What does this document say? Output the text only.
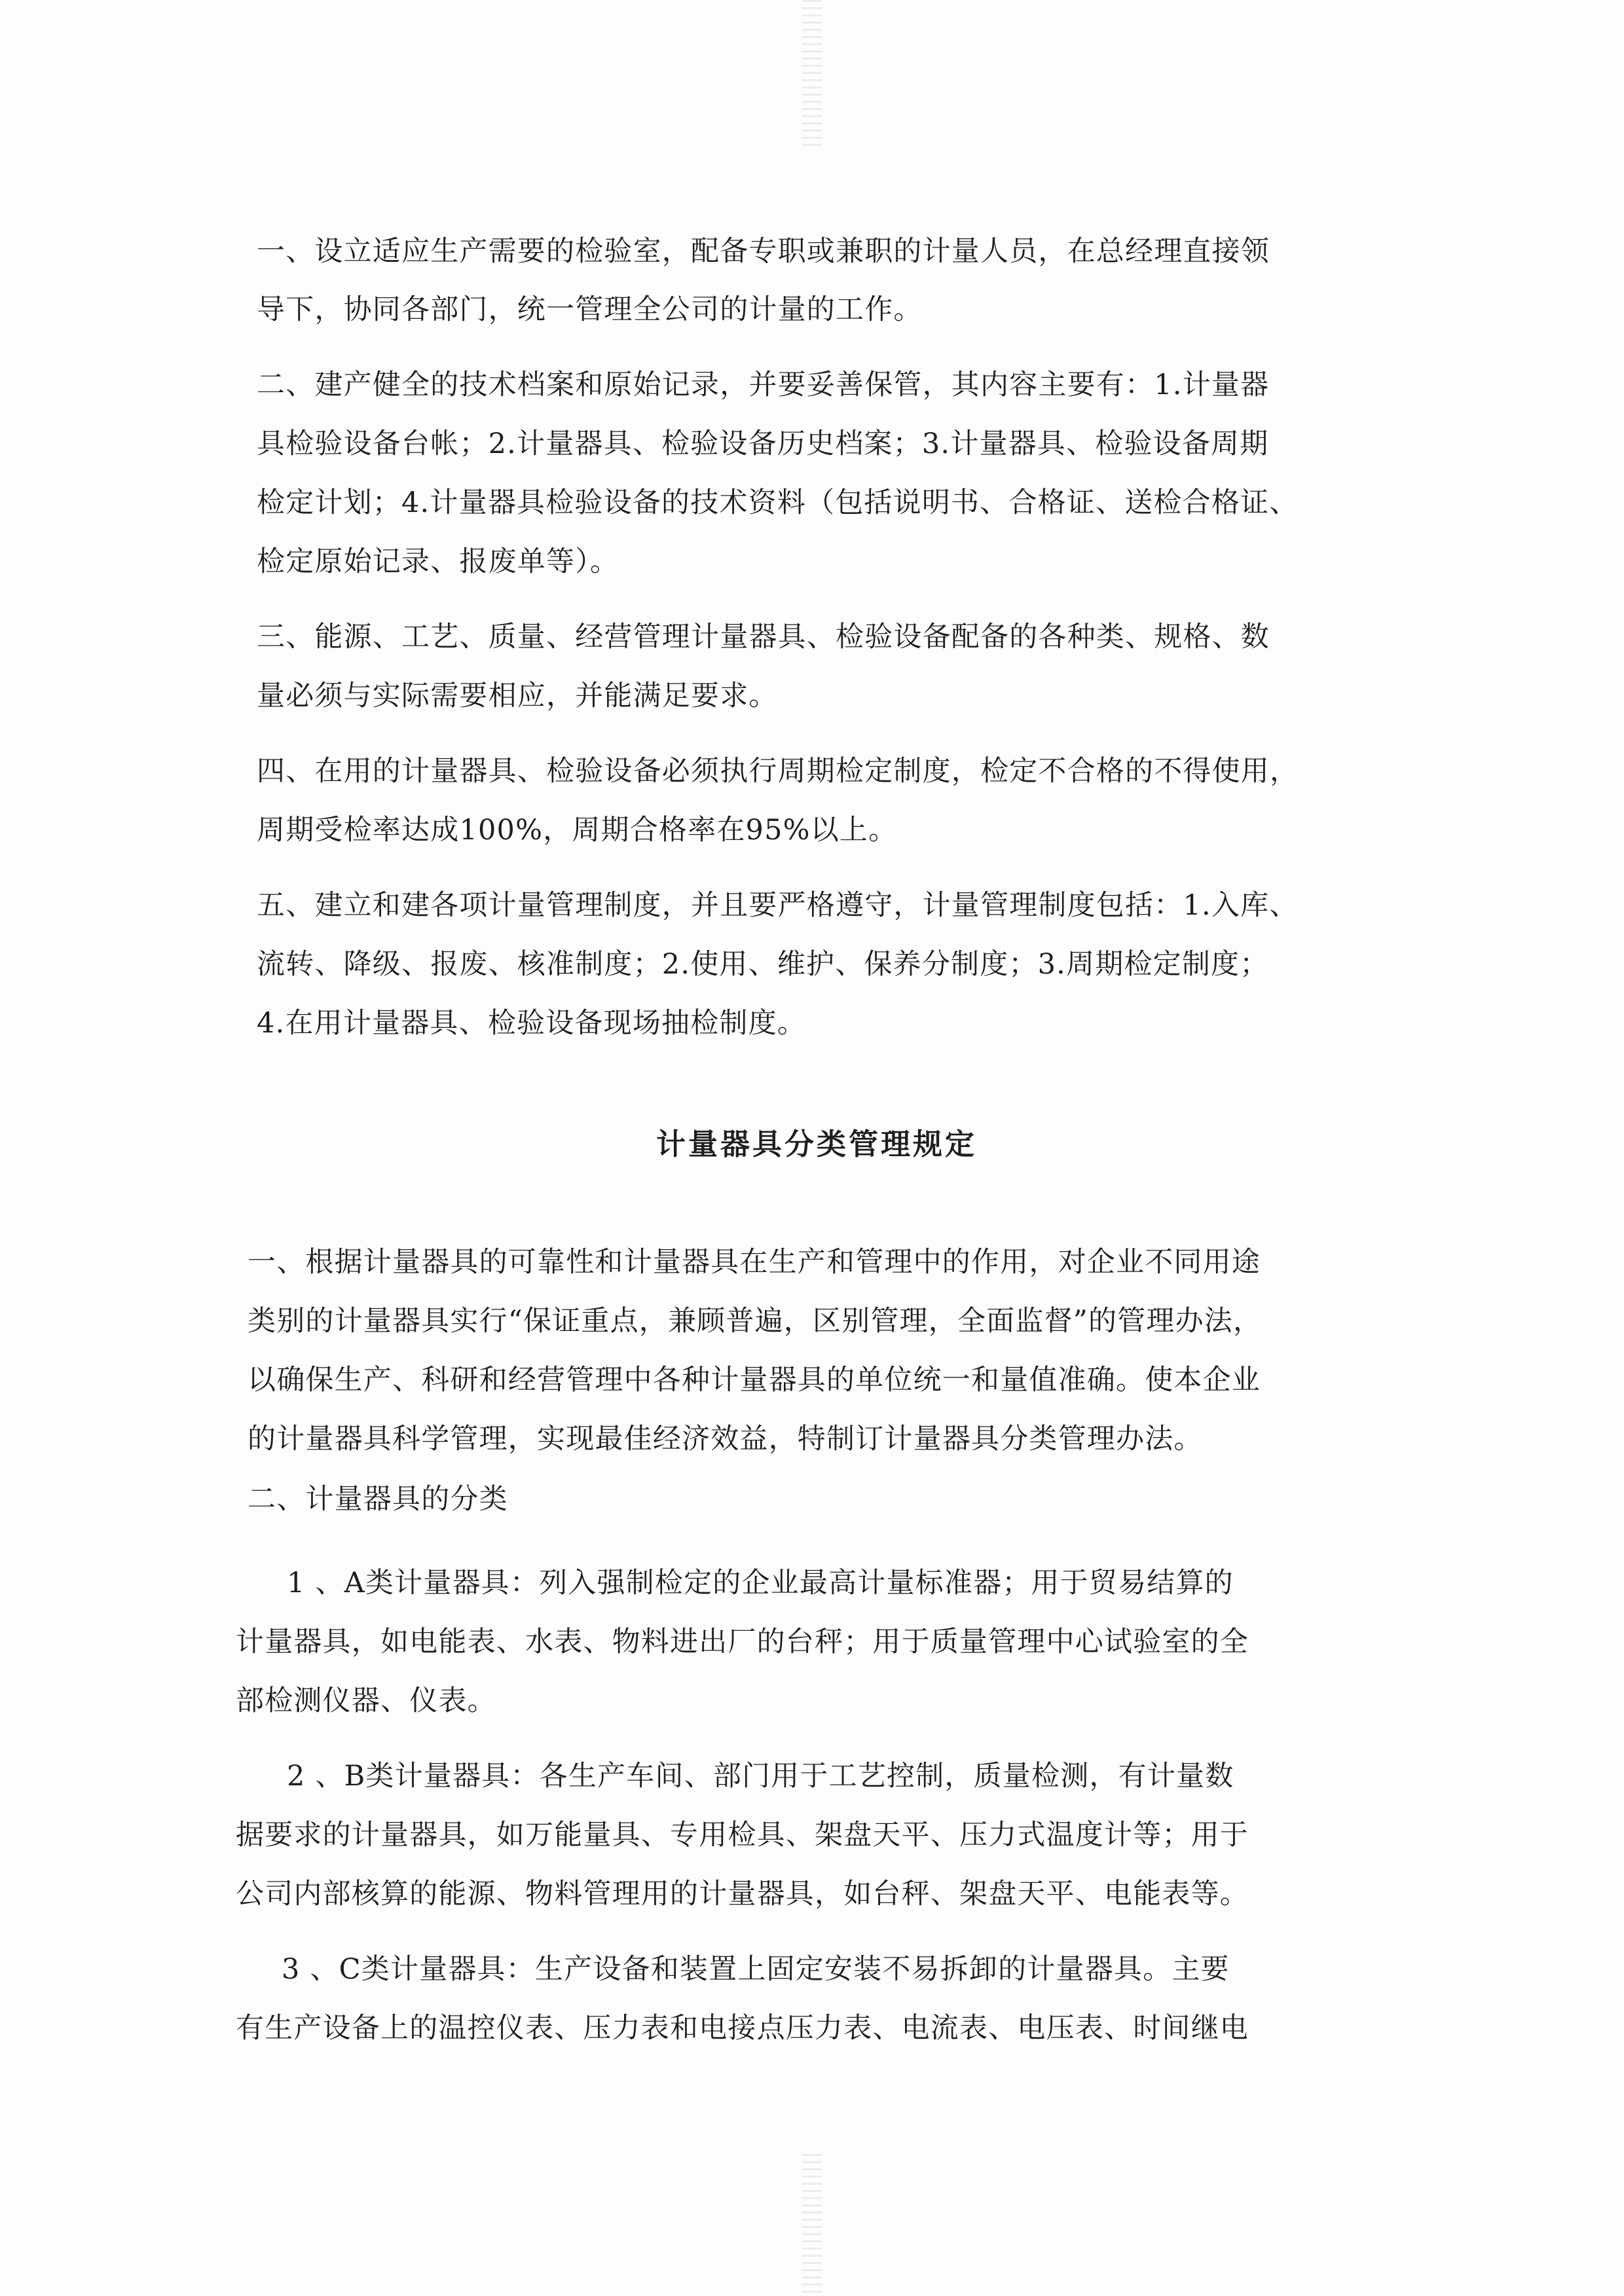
一、设立适应生产需要的检验室，配备专职或兼职的计量人员，在总经理直接领
导下，协同各部门，统一管理全公司的计量的工作。
二、建产健全的技术档案和原始记录，并要妥善保管，其内容主要有：1.计量器
具检验设备台帐；2.计量器具、检验设备历史档案；3.计量器具、检验设备周期
检定计划；4.计量器具检验设备的技术资料（包括说明书、合格证、送检合格证、
检定原始记录、报废单等）。
三、能源、工艺、质量、经营管理计量器具、检验设备配备的各种类、规格、数
量必须与实际需要相应，并能满足要求。
四、在用的计量器具、检验设备必须执行周期检定制度，检定不合格的不得使用，
周期受检率达成100%，周期合格率在95%以上。
五、建立和建各项计量管理制度，并且要严格遵守，计量管理制度包括：1.入库、
流转、降级、报废、核准制度；2.使用、维护、保养分制度；3.周期检定制度；
4.在用计量器具、检验设备现场抽检制度。
计量器具分类管理规定
一、根据计量器具的可靠性和计量器具在生产和管理中的作用，对企业不同用途
类别的计量器具实行“保证重点，兼顾普遍，区别管理，全面监督”的管理办法，
以确保生产、科研和经营管理中各种计量器具的单位统一和量值准确。使本企业
的计量器具科学管理，实现最佳经济效益，特制订计量器具分类管理办法。
二、计量器具的分类
1 、A类计量器具：列入强制检定的企业最高计量标准器；用于贸易结算的
计量器具，如电能表、水表、物料进出厂的台秤；用于质量管理中心试验室的全
部检测仪器、仪表。
2 、B类计量器具：各生产车间、部门用于工艺控制，质量检测，有计量数
据要求的计量器具，如万能量具、专用检具、架盘天平、压力式温度计等；用于
公司内部核算的能源、物料管理用的计量器具，如台秤、架盘天平、电能表等。
3 、C类计量器具：生产设备和装置上固定安装不易拆卸的计量器具。主要
有生产设备上的温控仪表、压力表和电接点压力表、电流表、电压表、时间继电
